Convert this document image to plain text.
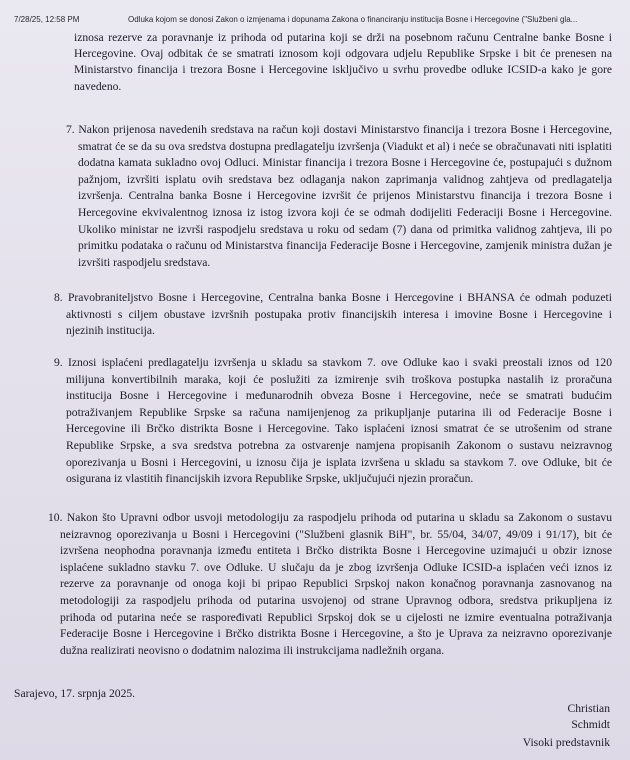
7/28/25, 12:58 PM	Odluka kojom se donosi Zakon o izmjenama i dopunama Zakona o financiranju institucija Bosne i Hercegovine ("Službeni gla...
iznosa rezerve za poravnanje iz prihoda od putarina koji se drži na posebnom računu Centralne banke Bosne i
Hercegovine. Ovaj odbitak će se smatrati iznosom koji odgovara udjelu Republike Srpske i bit će prenesen na
Ministarstvo financija i trezora Bosne i Hercegovine isključivo u svrhu provedbe odluke ICSID-a kako je gore
navedeno.
7. Nakon prijenosa navedenih sredstava na račun koji dostavi Ministarstvo financija i trezora Bosne i Hercegovine,
smatrat će se da su ova sredstva dostupna predlagatelju izvršenja (Viadukt et al) i neće se obračunavati niti isplatiti
dodatna kamata sukladno ovoj Odluci. Ministar financija i trezora Bosne i Hercegovine će, postupajući s dužnom
pažnjom, izvršiti isplatu ovih sredstava bez odlaganja nakon zaprimanja validnog zahtjeva od predlagatelja
izvršenja. Centralna banka Bosne i Hercegovine izvršit će prijenos Ministarstvu financija i trezora Bosne i
Hercegovine ekvivalentnog iznosa iz istog izvora koji će se odmah dodijeliti Federaciji Bosne i Hercegovine.
Ukoliko ministar ne izvrši raspodjelu sredstava u roku od sedam (7) dana od primitka validnog zahtjeva, ili po
primitku podataka o računu od Ministarstva financija Federacije Bosne i Hercegovine, zamjenik ministra dužan je
izvršiti raspodjelu sredstava.
8. Pravobraniteljstvo Bosne i Hercegovine, Centralna banka Bosne i Hercegovine i BHANSA će odmah poduzeti
aktivnosti s ciljem obustave izvršnih postupaka protiv financijskih interesa i imovine Bosne i Hercegovine i
njezinih institucija.
9. Iznosi isplaćeni predlagatelju izvršenja u skladu sa stavkom 7. ove Odluke kao i svaki preostali iznos od 120
milijuna konvertibilnih maraka, koji će poslužiti za izmirenje svih troškova postupka nastalih iz proračuna
institucija Bosne i Hercegovine i međunarodnih obveza Bosne i Hercegovine, neće se smatrati budućim
potraživanjem Republike Srpske sa računa namijenjenog za prikupljanje putarina ili od Federacije Bosne i
Hercegovine ili Brčko distrikta Bosne i Hercegovine. Tako isplaćeni iznosi smatrat će se utrošenim od strane
Republike Srpske, a sva sredstva potrebna za ostvarenje namjena propisanih Zakonom o sustavu neizravnog
oporezivanja u Bosni i Hercegovini, u iznosu čija je isplata izvršena u skladu sa stavkom 7. ove Odluke, bit će
osigurana iz vlastitih financijskih izvora Republike Srpske, uključujući njezin proračun.
10. Nakon što Upravni odbor usvoji metodologiju za raspodjelu prihoda od putarina u skladu sa Zakonom o sustavu
neizravnog oporezivanja u Bosni i Hercegovini ("Službeni glasnik BiH", br. 55/04, 34/07, 49/09 i 91/17), bit će
izvršena neophodna poravnanja između entiteta i Brčko distrikta Bosne i Hercegovine uzimajući u obzir iznose
isplaćene sukladno stavku 7. ove Odluke. U slučaju da je zbog izvršenja Odluke ICSID-a isplaćen veći iznos iz
rezerve za poravnanje od onoga koji bi pripao Republici Srpskoj nakon konačnog poravnanja zasnovanog na
metodologiji za raspodjelu prihoda od putarina usvojenoj od strane Upravnog odbora, sredstva prikupljena iz
prihoda od putarina neće se raspoređivati Republici Srpskoj dok se u cijelosti ne izmire eventualna potraživanja
Federacije Bosne i Hercegovine i Brčko distrikta Bosne i Hercegovine, a što je Uprava za neizravno oporezivanje
dužna realizirati neovisno o dodatnim nalozima ili instrukcijama nadležnih organa.
Sarajevo, 17. srpnja 2025.
Christian
Schmidt
Visoki predstavnik
